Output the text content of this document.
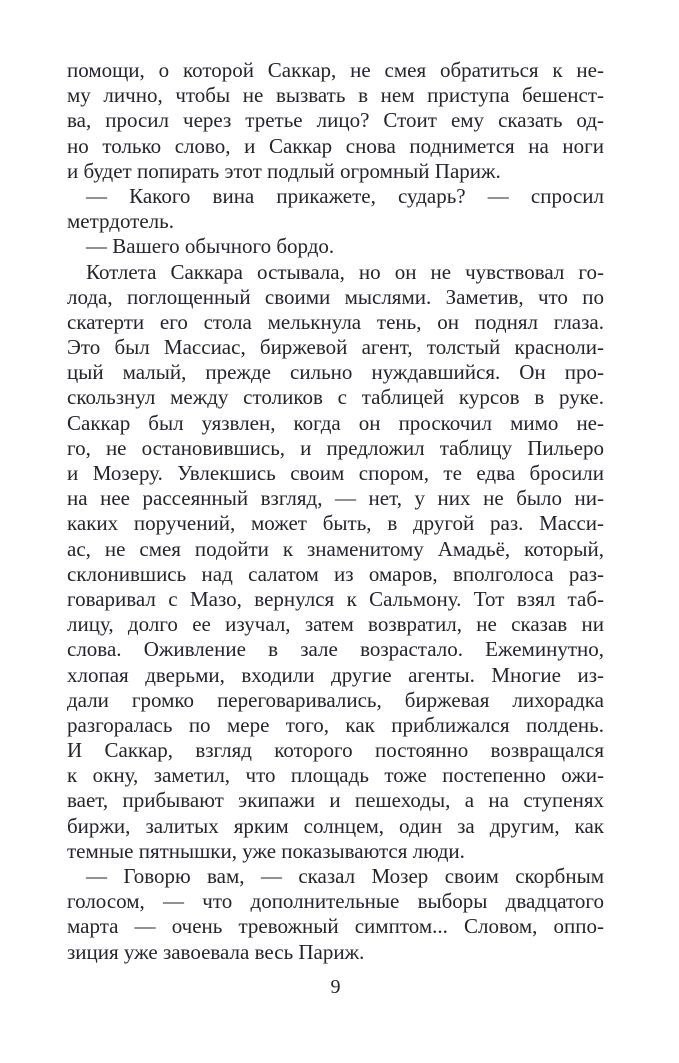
помощи, о которой Саккар, не смея обратиться к не-
му лично, чтобы не вызвать в нем приступа бешенст-
ва, просил через третье лицо? Стоит ему сказать од-
но только слово, и Саккар снова поднимется на ноги
и будет попирать этот подлый огромный Париж.
— Какого вина прикажете, сударь? — спросил
метрдотель.
— Вашего обычного бордо.
Котлета Саккара остывала, но он не чувствовал го-
лода, поглощенный своими мыслями. Заметив, что по
скатерти его стола мелькнула тень, он поднял глаза.
Это был Массиас, биржевой агент, толстый красноли-
цый малый, прежде сильно нуждавшийся. Он про-
скользнул между столиков с таблицей курсов в руке.
Саккар был уязвлен, когда он проскочил мимо не-
го, не остановившись, и предложил таблицу Пильеро
и Мозеру. Увлекшись своим спором, те едва бросили
на нее рассеянный взгляд, — нет, у них не было ни-
каких поручений, может быть, в другой раз. Масси-
ас, не смея подойти к знаменитому Амадьё, который,
склонившись над салатом из омаров, вполголоса раз-
говаривал с Мазо, вернулся к Сальмону. Тот взял таб-
лицу, долго ее изучал, затем возвратил, не сказав ни
слова. Оживление в зале возрастало. Ежеминутно,
хлопая дверьми, входили другие агенты. Многие из-
дали громко переговаривались, биржевая лихорадка
разгоралась по мере того, как приближался полдень.
И Саккар, взгляд которого постоянно возвращался
к окну, заметил, что площадь тоже постепенно ожи-
вает, прибывают экипажи и пешеходы, а на ступенях
биржи, залитых ярким солнцем, один за другим, как
темные пятнышки, уже показываются люди.
— Говорю вам, — сказал Мозер своим скорбным
голосом, — что дополнительные выборы двадцатого
марта — очень тревожный симптом... Словом, оппо-
зиция уже завоевала весь Париж.
9
